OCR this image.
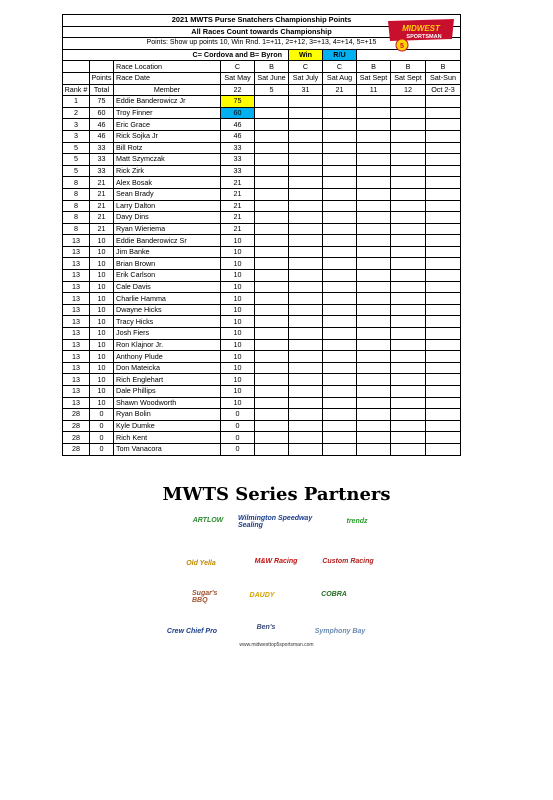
MIDWEST
SPORTSMAN
5
2021 MWTS Purse Snatchers Championship Points									
All Races Count towards Championship									
Points: Show up points 10, Win Rnd. 1=+11, 2=+12, 3=+13, 4=+14, 5=+15									
C= Cordova and B= Byron					Win	R/U			
		Race Location	C	B	C	C	B	B	B
	Points	Race Date	Sat May	Sat June	Sat July	Sat Aug	Sat Sept	Sat Sept	Sat-Sun
Rank #	Total	Member	22	5	31	21	11	12	Oct 2-3
1	75	Eddie Banderowicz Jr	75						
2	60	Troy Finner	60						
3	46	Eric Grace	46						
3	46	Rick Sojka Jr	46						
5	33	Bill Rotz	33						
5	33	Matt Szymczak	33						
5	33	Rick Zirk	33						
8	21	Alex Bosak	21						
8	21	Sean Brady	21						
8	21	Larry Dalton	21						
8	21	Davy Dins	21						
8	21	Ryan Wieriema	21						
13	10	Eddie Banderowicz Sr	10						
13	10	Jim Banke	10						
13	10	Brian Brown	10						
13	10	Erik Carlson	10						
13	10	Cale Davis	10						
13	10	Charlie Hamma	10						
13	10	Dwayne Hicks	10						
13	10	Tracy Hicks	10						
13	10	Josh Fiers	10						
13	10	Ron Klajnor Jr.	10						
13	10	Anthony Plude	10						
13	10	Don Mateicka	10						
13	10	Rich Englehart	10						
13	10	Dale Phillips	10						
13	10	Shawn Woodworth	10						
28	0	Ryan Bolin	0						
28	0	Kyle Dumke	0						
28	0	Rich Kent	0						
28	0	Tom Vanacora	0						
MWTS Series Partners
ARTLOW	Wilmington Speedway Sealing
trendz
Old Yella	M&W Racing	Custom Racing
Sugar's BBQ
DAUDY	COBRA
Crew Chief Pro
Ben's
Symphony Bay
www.midwesttop5sportsman.com
